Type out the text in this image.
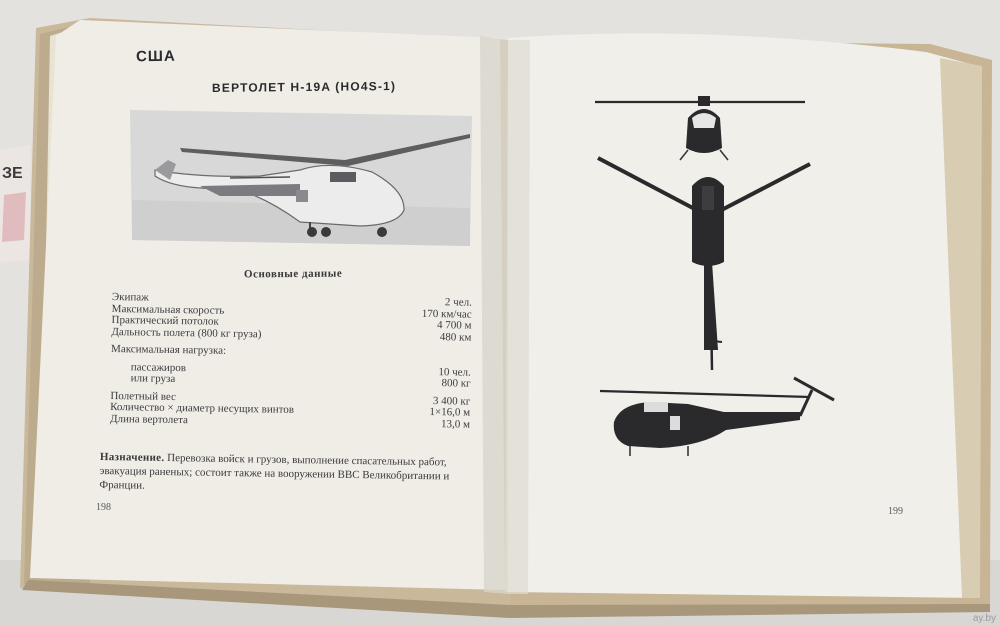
ЗЕ
США
ВЕРТОЛЕТ H-19A (HO4S-1)
Основные данные
Экипаж	2 чел.
Максимальная скорость	170 км/час
Практический потолок	4 700 м
Дальность полета (800 кг груза)	480 км
Максимальная нагрузка:
пассажиров	10 чел.
или груза	800 кг
Полетный вес	3 400 кг
Количество × диаметр несущих винтов	1×16,0 м
Длина вертолета	13,0 м
Назначение. Перевозка войск и грузов, выполнение спасательных работ, эвакуация раненых; состоит также на вооружении ВВС Великобритании и Франции.
198	199
ay.by
